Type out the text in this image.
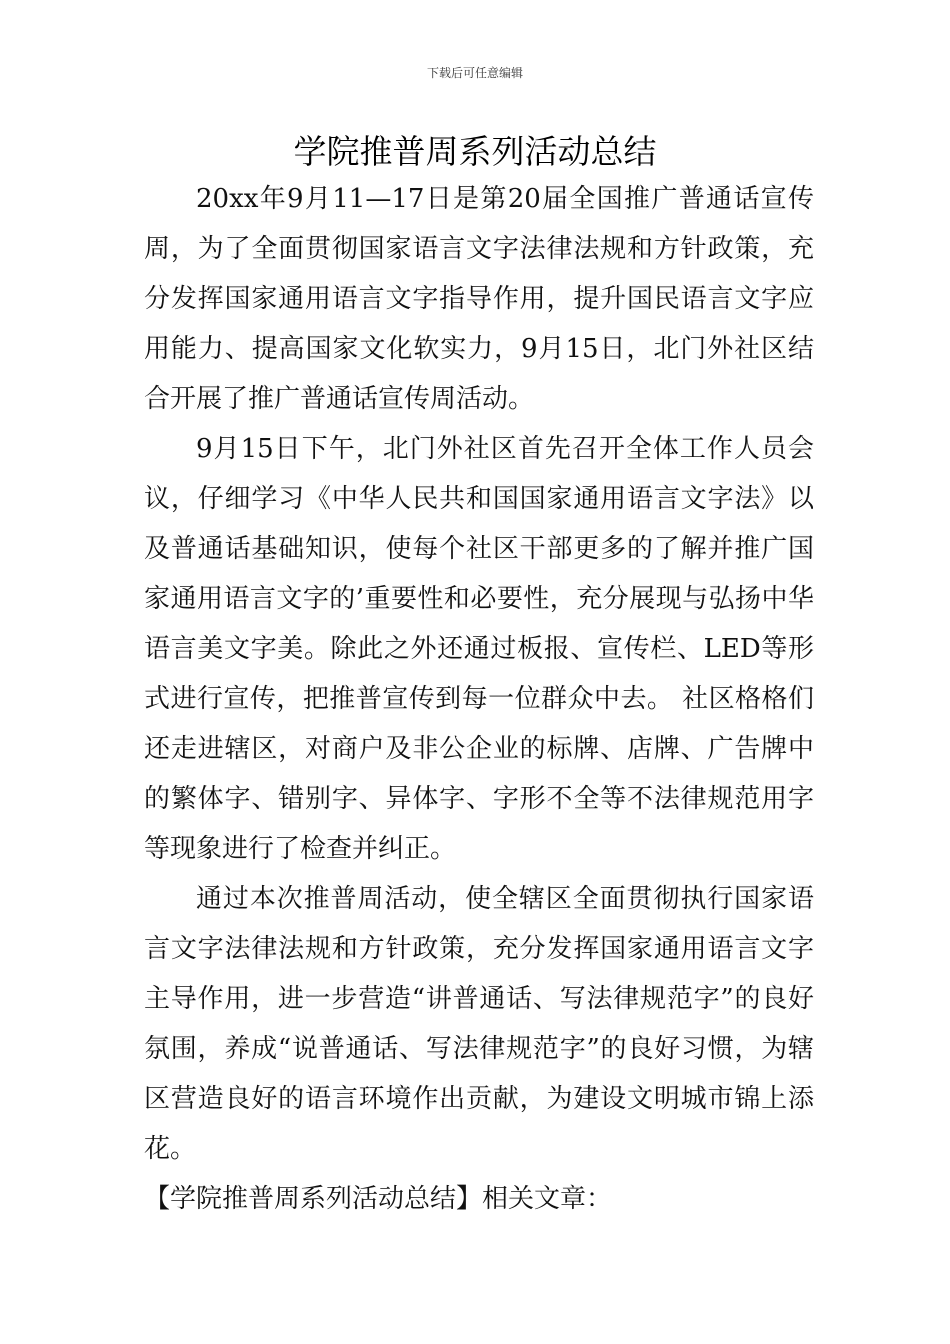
下载后可任意编辑
学院推普周系列活动总结

20xx年9月11—17日是第20届全国推广普通话宣传周，为了全面贯彻国家语言文字法律法规和方针政策，充分发挥国家通用语言文字指导作用，提升国民语言文字应用能力、提高国家文化软实力，9月15日，北门外社区结合开展了推广普通话宣传周活动。

9月15日下午，北门外社区首先召开全体工作人员会议，仔细学习《中华人民共和国国家通用语言文字法》以及普通话基础知识，使每个社区干部更多的了解并推广国家通用语言文字的’重要性和必要性，充分展现与弘扬中华语言美文字美。除此之外还通过板报、宣传栏、LED等形式进行宣传，把推普宣传到每一位群众中去。 社区格格们还走进辖区，对商户及非公企业的标牌、店牌、广告牌中的繁体字、错别字、异体字、字形不全等不法律规范用字等现象进行了检查并纠正。

通过本次推普周活动，使全辖区全面贯彻执行国家语言文字法律法规和方针政策，充分发挥国家通用语言文字主导作用，进一步营造“讲普通话、写法律规范字”的良好氛围，养成“说普通话、写法律规范字”的良好习惯，为辖区营造良好的语言环境作出贡献，为建设文明城市锦上添花。

【学院推普周系列活动总结】相关文章：
